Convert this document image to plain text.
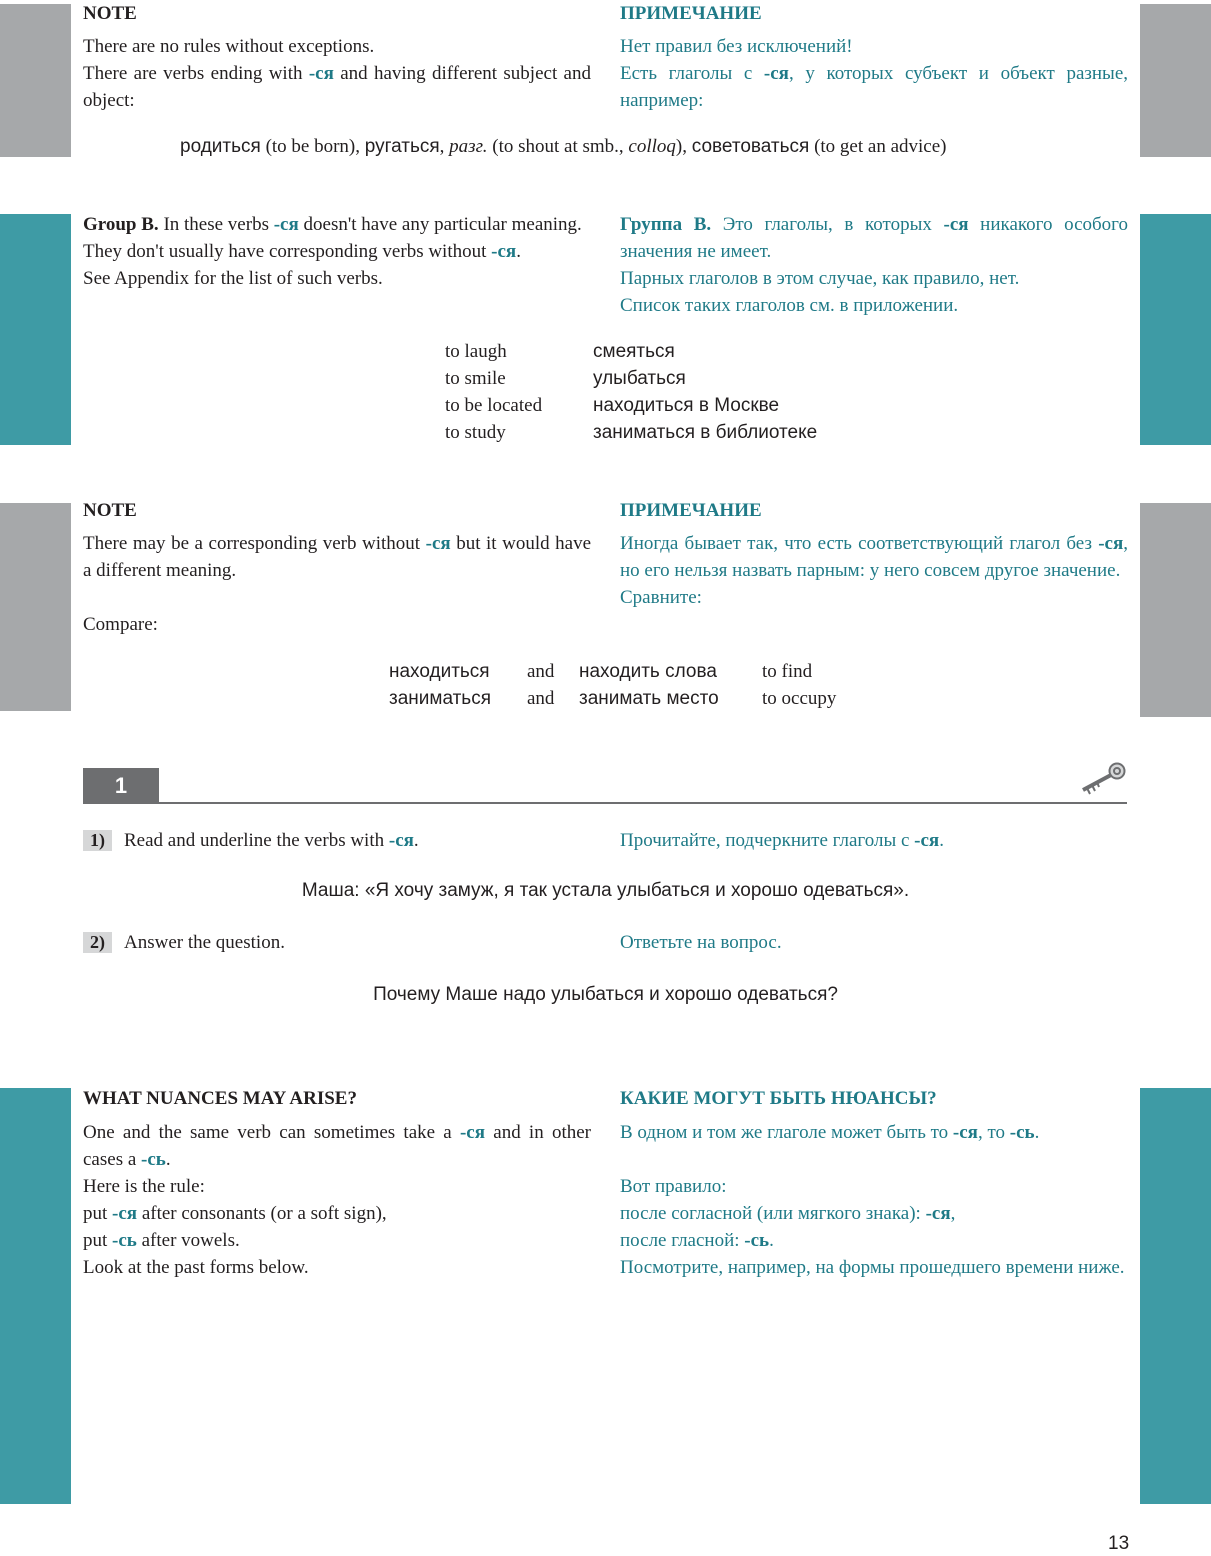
NOTE

There are no rules without exceptions.

There are verbs ending with -ся and having different subject and object:

ПРИМЕЧАНИЕ

Нет правил без исключений!

Есть глаголы с -ся, у которых субъект и объект разные, например:

родиться (to be born), ругаться, разг. (to shout at smb., colloq), советоваться (to get an advice)

Group B. In these verbs -ся doesn't have any particular meaning.

They don't usually have corresponding verbs without -ся.

See Appendix for the list of such verbs.

Группа B. Это глаголы, в которых -ся никакого особого значения не имеет.

Парных глаголов в этом случае, как правило, нет.

Список таких глаголов см. в приложении.

to laugh	смеяться
to smile	улыбаться
to be located	находиться в Москве
to study	заниматься в библиотеке

NOTE

There may be a corresponding verb without -ся but it would have a different meaning.

Compare:

ПРИМЕЧАНИЕ

Иногда бывает так, что есть соответствующий глагол без -ся, но его нельзя назвать парным: у него совсем другое значение.

Сравните:

находиться and находить слова to find
заниматься and занимать место to occupy
1
1)	Read and underline the verbs with -ся.	Прочитайте, подчеркните глаголы с -ся.
Маша: «Я хочу замуж, я так устала улыбаться и хорошо одеваться».
2)	Answer the question.	Ответьте на вопрос.
Почему Маше надо улыбаться и хорошо одеваться?

WHAT NUANCES MAY ARISE?

One and the same verb can sometimes take a -ся and in other cases a -сь.

Here is the rule:

put -ся after consonants (or a soft sign),

put -сь after vowels.

Look at the past forms below.

КАКИЕ МОГУТ БЫТЬ НЮАНСЫ?

В одном и том же глаголе может быть то -ся, то -сь.

Вот правило:

после согласной (или мягкого знака): -ся,

после гласной: -сь.

Посмотрите, например, на формы прошедшего времени ниже.

13
